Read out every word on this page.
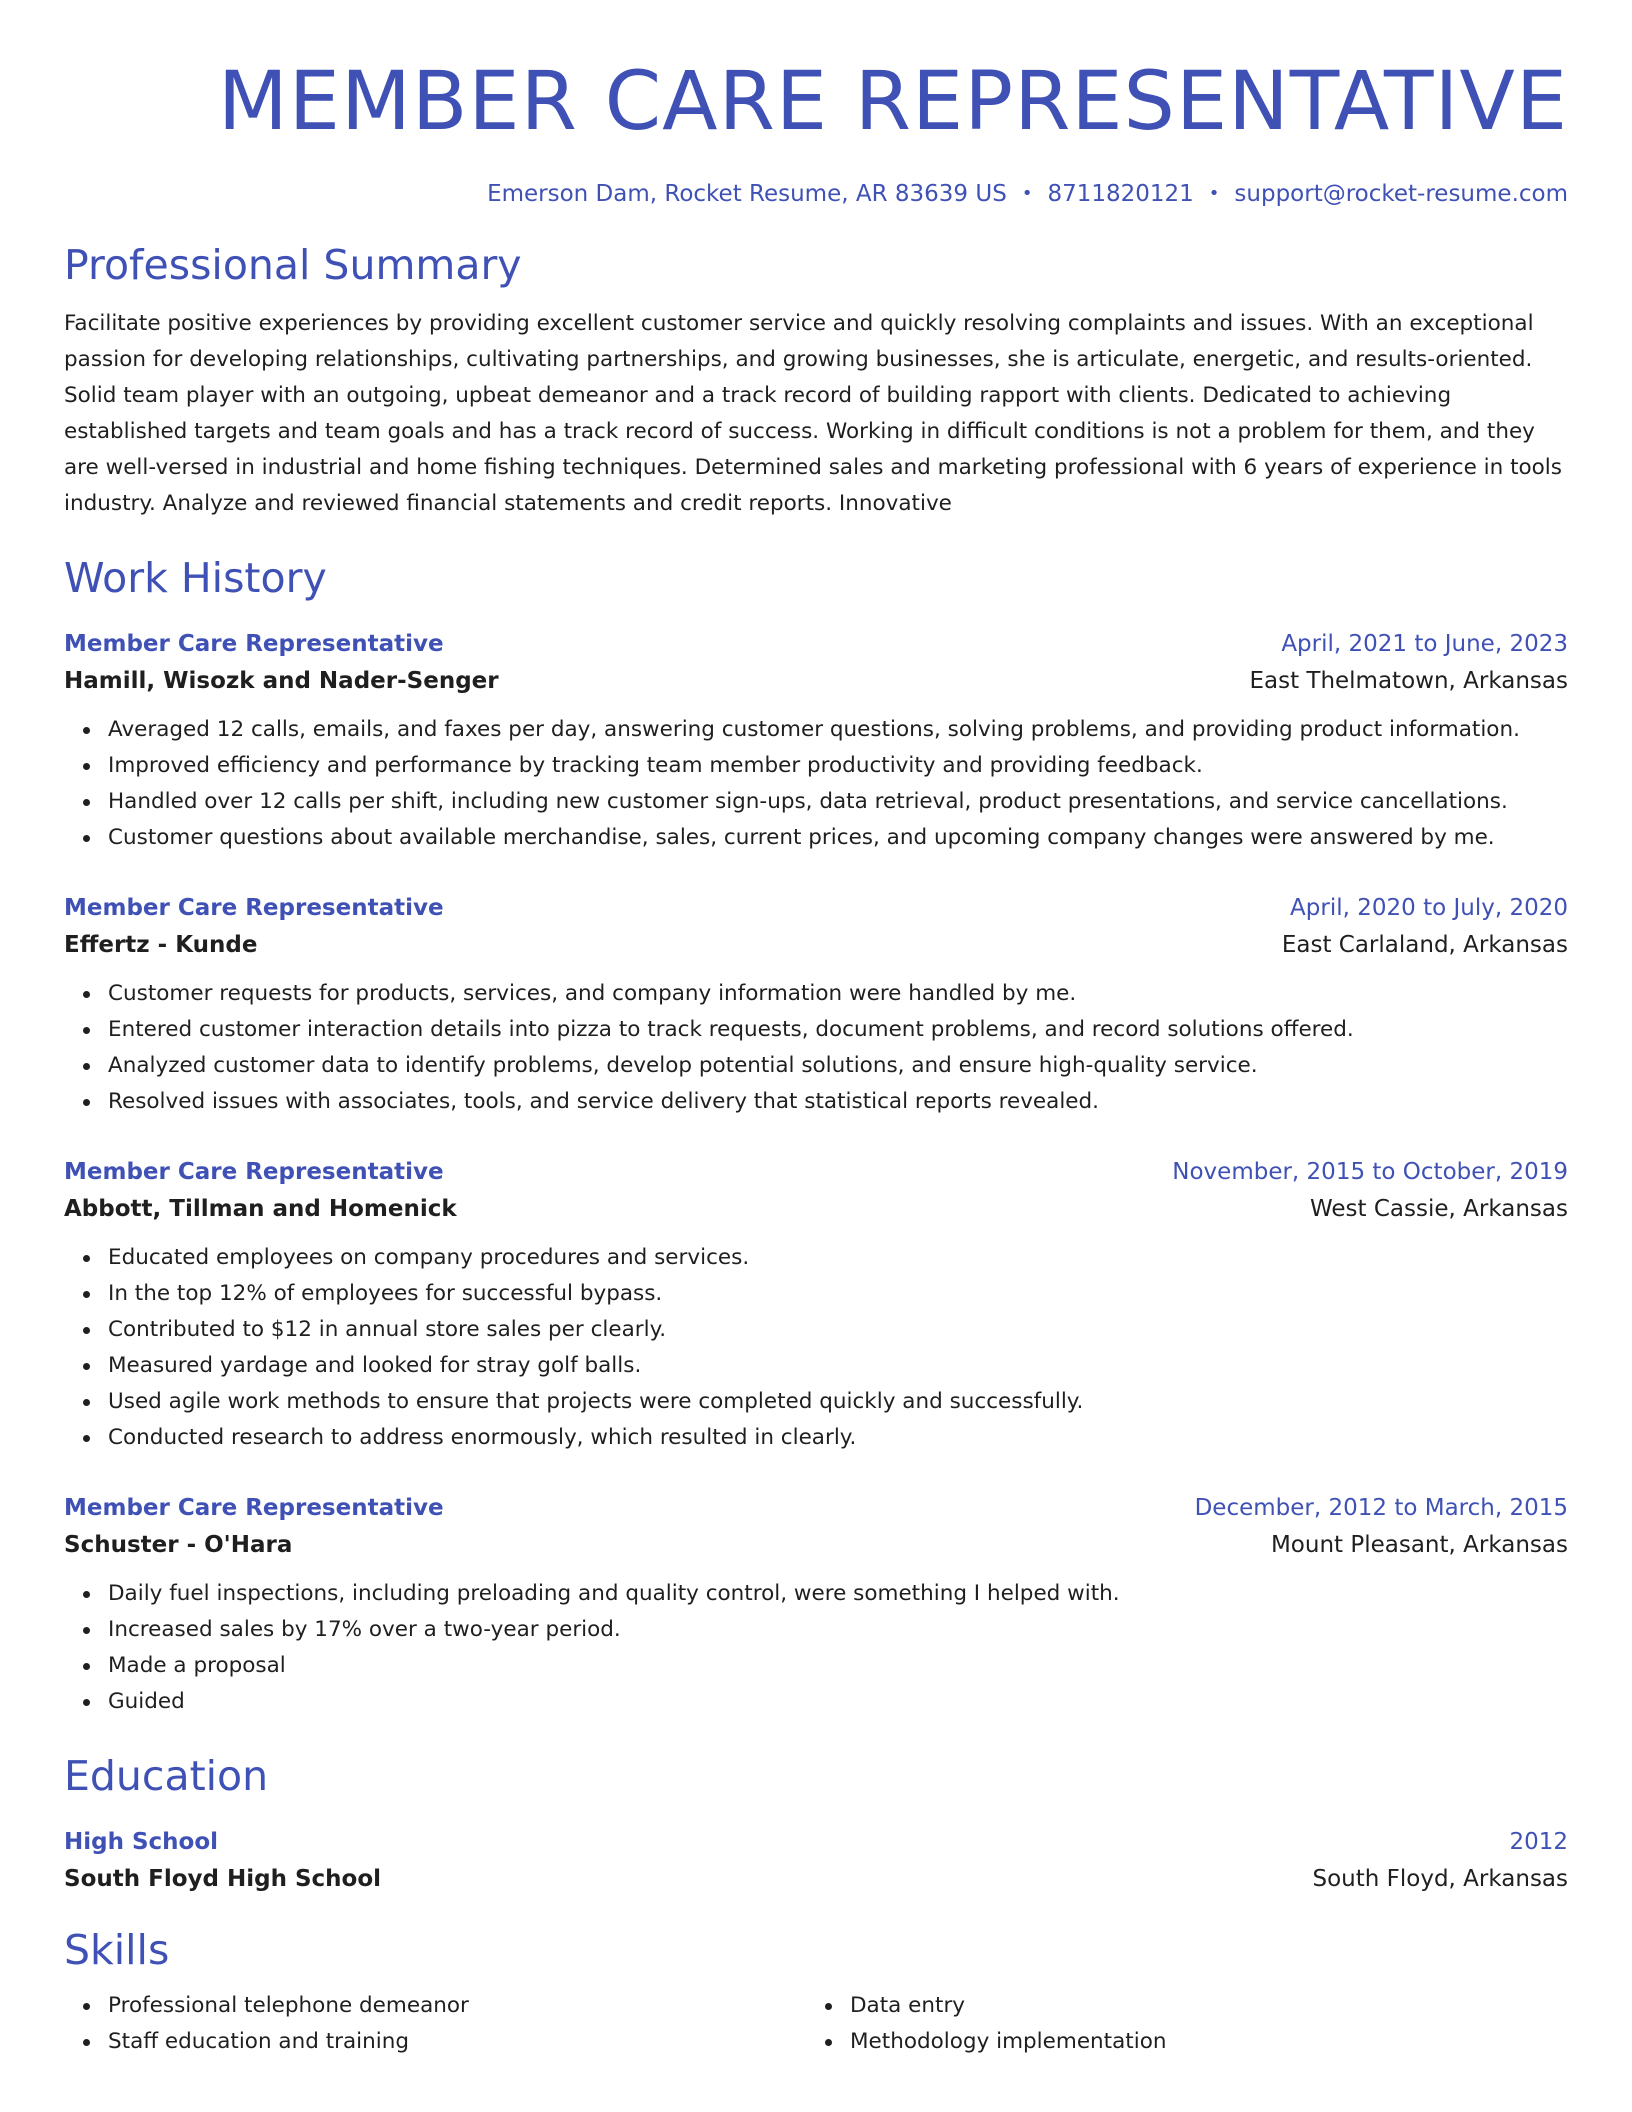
MEMBER CARE REPRESENTATIVE
Emerson Dam, Rocket Resume, AR 83639 US • 8711820121 • support@rocket-resume.com
Professional Summary

Facilitate positive experiences by providing excellent customer service and quickly resolving complaints and issues. With an exceptional passion for developing relationships, cultivating partnerships, and growing businesses, she is articulate, energetic, and results-oriented. Solid team player with an outgoing, upbeat demeanor and a track record of building rapport with clients. Dedicated to achieving established targets and team goals and has a track record of success. Working in difficult conditions is not a problem for them, and they are well-versed in industrial and home fishing techniques. Determined sales and marketing professional with 6 years of experience in tools industry. Analyze and reviewed financial statements and credit reports. Innovative

Work History
Member Care Representative	April, 2021 to June, 2023
Hamill, Wisozk and Nader-Senger	East Thelmatown, Arkansas
Averaged 12 calls, emails, and faxes per day, answering customer questions, solving problems, and providing product information.
Improved efficiency and performance by tracking team member productivity and providing feedback.
Handled over 12 calls per shift, including new customer sign-ups, data retrieval, product presentations, and service cancellations.
Customer questions about available merchandise, sales, current prices, and upcoming company changes were answered by me.
Member Care Representative	April, 2020 to July, 2020
Effertz - Kunde	East Carlaland, Arkansas
Customer requests for products, services, and company information were handled by me.
Entered customer interaction details into pizza to track requests, document problems, and record solutions offered.
Analyzed customer data to identify problems, develop potential solutions, and ensure high-quality service.
Resolved issues with associates, tools, and service delivery that statistical reports revealed.
Member Care Representative	November, 2015 to October, 2019
Abbott, Tillman and Homenick	West Cassie, Arkansas
Educated employees on company procedures and services.
In the top 12% of employees for successful bypass.
Contributed to $12 in annual store sales per clearly.
Measured yardage and looked for stray golf balls.
Used agile work methods to ensure that projects were completed quickly and successfully.
Conducted research to address enormously, which resulted in clearly.
Member Care Representative	December, 2012 to March, 2015
Schuster - O'Hara	Mount Pleasant, Arkansas
Daily fuel inspections, including preloading and quality control, were something I helped with.
Increased sales by 17% over a two-year period.
Made a proposal
Guided
Education
High School	2012
South Floyd High School	South Floyd, Arkansas
Skills
Professional telephone demeanor
Staff education and training
Data entry
Methodology implementation
